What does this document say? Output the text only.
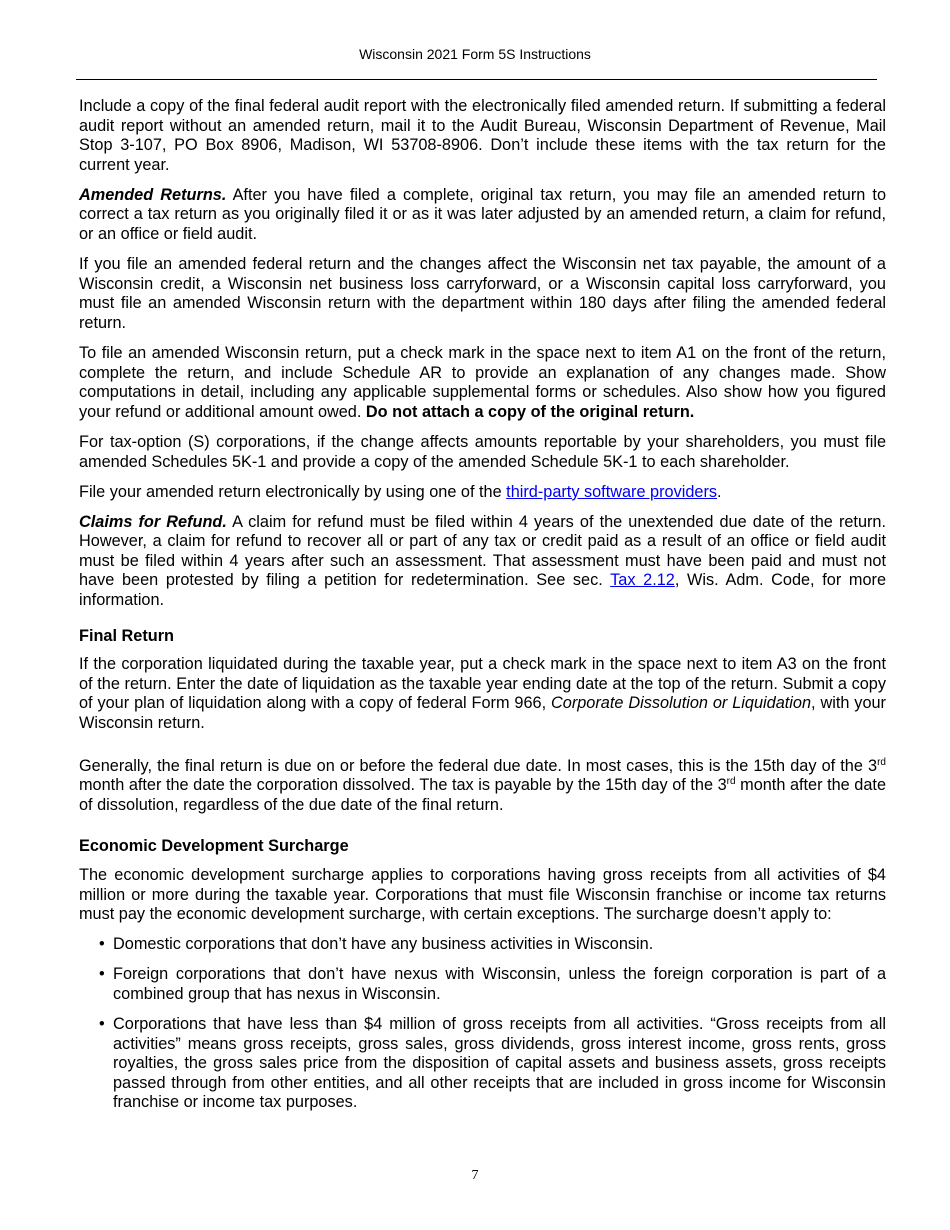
Wisconsin 2021 Form 5S Instructions

Include a copy of the final federal audit report with the electronically filed amended return. If submitting a federal audit report without an amended return, mail it to the Audit Bureau, Wisconsin Department of Revenue, Mail Stop 3-107, PO Box 8906, Madison, WI 53708-8906. Don’t include these items with the tax return for the current year.

Amended Returns. After you have filed a complete, original tax return, you may file an amended return to correct a tax return as you originally filed it or as it was later adjusted by an amended return, a claim for refund, or an office or field audit.

If you file an amended federal return and the changes affect the Wisconsin net tax payable, the amount of a Wisconsin credit, a Wisconsin net business loss carryforward, or a Wisconsin capital loss carryforward, you must file an amended Wisconsin return with the department within 180 days after filing the amended federal return.

To file an amended Wisconsin return, put a check mark in the space next to item A1 on the front of the return, complete the return, and include Schedule AR to provide an explanation of any changes made. Show computations in detail, including any applicable supplemental forms or schedules. Also show how you figured your refund or additional amount owed. Do not attach a copy of the original return.

For tax-option (S) corporations, if the change affects amounts reportable by your shareholders, you must file amended Schedules 5K-1 and provide a copy of the amended Schedule 5K-1 to each shareholder.

File your amended return electronically by using one of the third-party software providers.

Claims for Refund. A claim for refund must be filed within 4 years of the unextended due date of the return. However, a claim for refund to recover all or part of any tax or credit paid as a result of an office or field audit must be filed within 4 years after such an assessment. That assessment must have been paid and must not have been protested by filing a petition for redetermination. See sec. Tax 2.12, Wis. Adm. Code, for more information.

Final Return

If the corporation liquidated during the taxable year, put a check mark in the space next to item A3 on the front of the return. Enter the date of liquidation as the taxable year ending date at the top of the return. Submit a copy of your plan of liquidation along with a copy of federal Form 966, Corporate Dissolution or Liquidation, with your Wisconsin return.

Generally, the final return is due on or before the federal due date. In most cases, this is the 15th day of the 3rd month after the date the corporation dissolved. The tax is payable by the 15th day of the 3rd month after the date of dissolution, regardless of the due date of the final return.

Economic Development Surcharge

The economic development surcharge applies to corporations having gross receipts from all activities of $4 million or more during the taxable year. Corporations that must file Wisconsin franchise or income tax returns must pay the economic development surcharge, with certain exceptions. The surcharge doesn’t apply to:

• Domestic corporations that don’t have any business activities in Wisconsin.
• Foreign corporations that don’t have nexus with Wisconsin, unless the foreign corporation is part of a combined group that has nexus in Wisconsin.
• Corporations that have less than $4 million of gross receipts from all activities. “Gross receipts from all activities” means gross receipts, gross sales, gross dividends, gross interest income, gross rents, gross royalties, the gross sales price from the disposition of capital assets and business assets, gross receipts passed through from other entities, and all other receipts that are included in gross income for Wisconsin franchise or income tax purposes.
7
